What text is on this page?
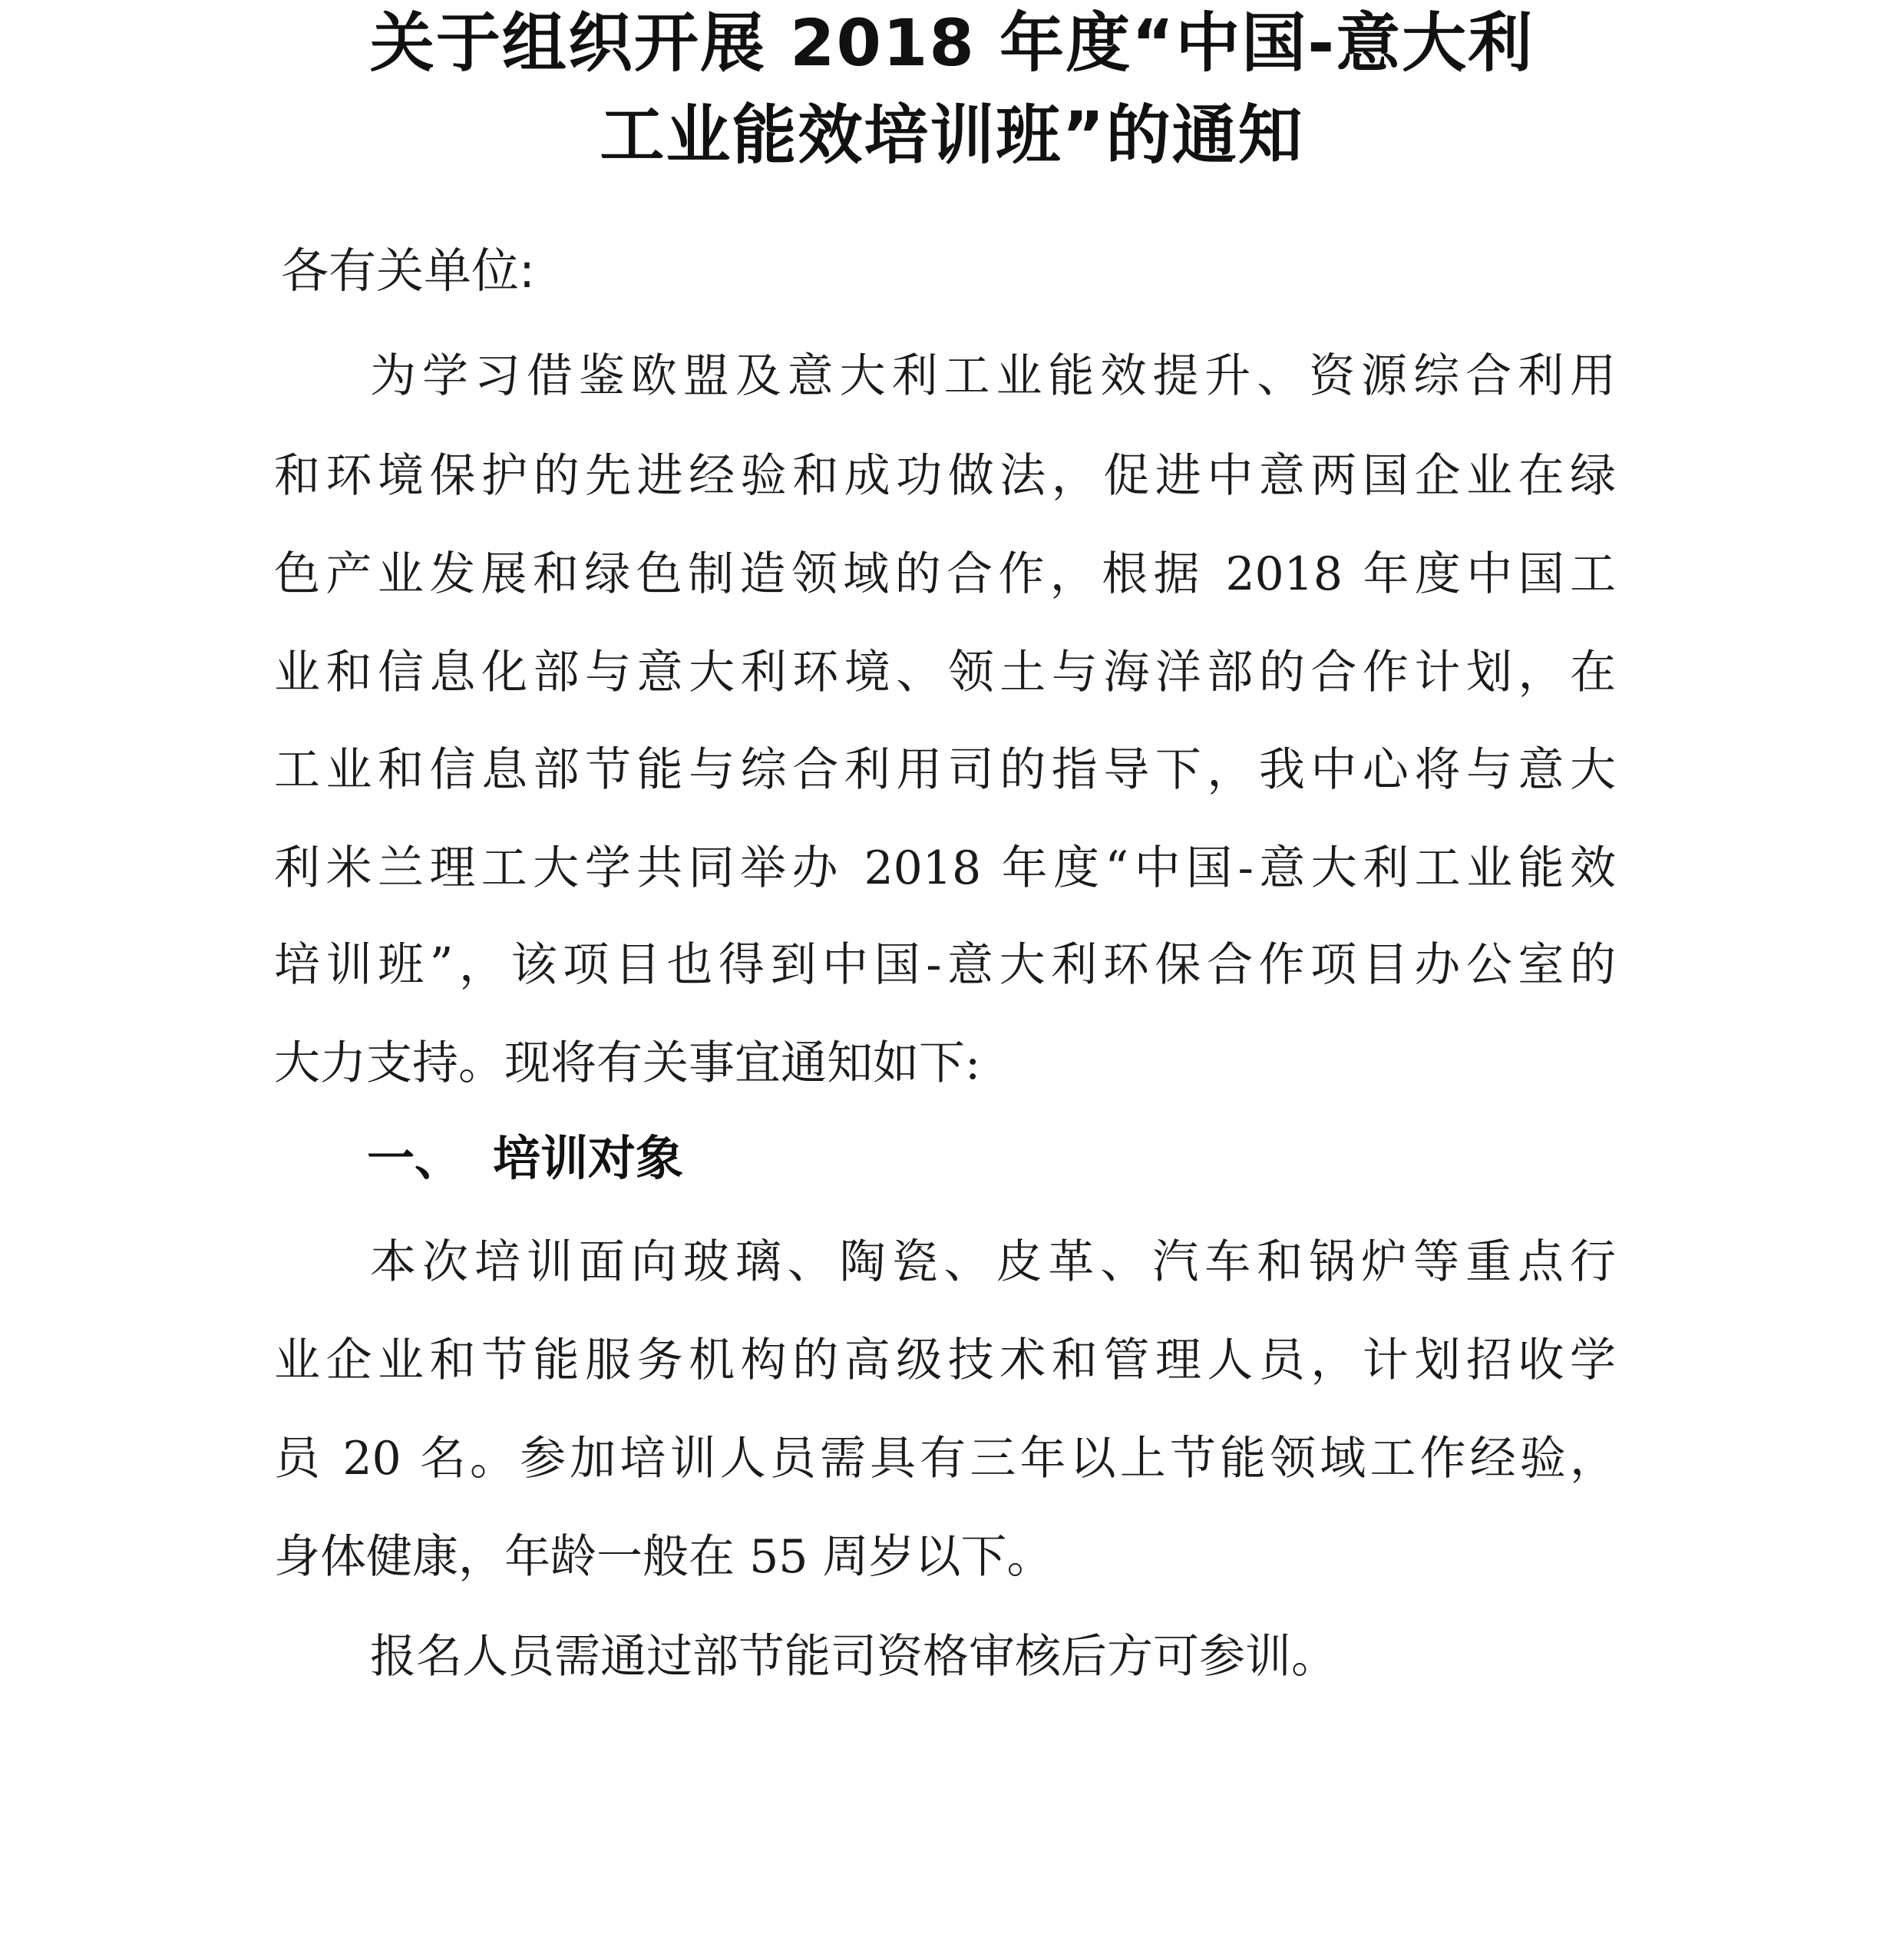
关于组织开展 2018 年度“中国-意大利
工业能效培训班”的通知
各有关单位:
为学习借鉴欧盟及意大利工业能效提升、资源综合利用
和环境保护的先进经验和成功做法，促进中意两国企业在绿
色产业发展和绿色制造领域的合作，根据 2018 年度中国工
业和信息化部与意大利环境、领土与海洋部的合作计划，在
工业和信息部节能与综合利用司的指导下，我中心将与意大
利米兰理工大学共同举办 2018 年度“中国-意大利工业能效
培训班”，该项目也得到中国-意大利环保合作项目办公室的
大力支持。现将有关事宜通知如下:
一、 培训对象
本次培训面向玻璃、陶瓷、皮革、汽车和锅炉等重点行
业企业和节能服务机构的高级技术和管理人员，计划招收学
员 20 名。参加培训人员需具有三年以上节能领域工作经验，
身体健康，年龄一般在 55 周岁以下。
报名人员需通过部节能司资格审核后方可参训。
